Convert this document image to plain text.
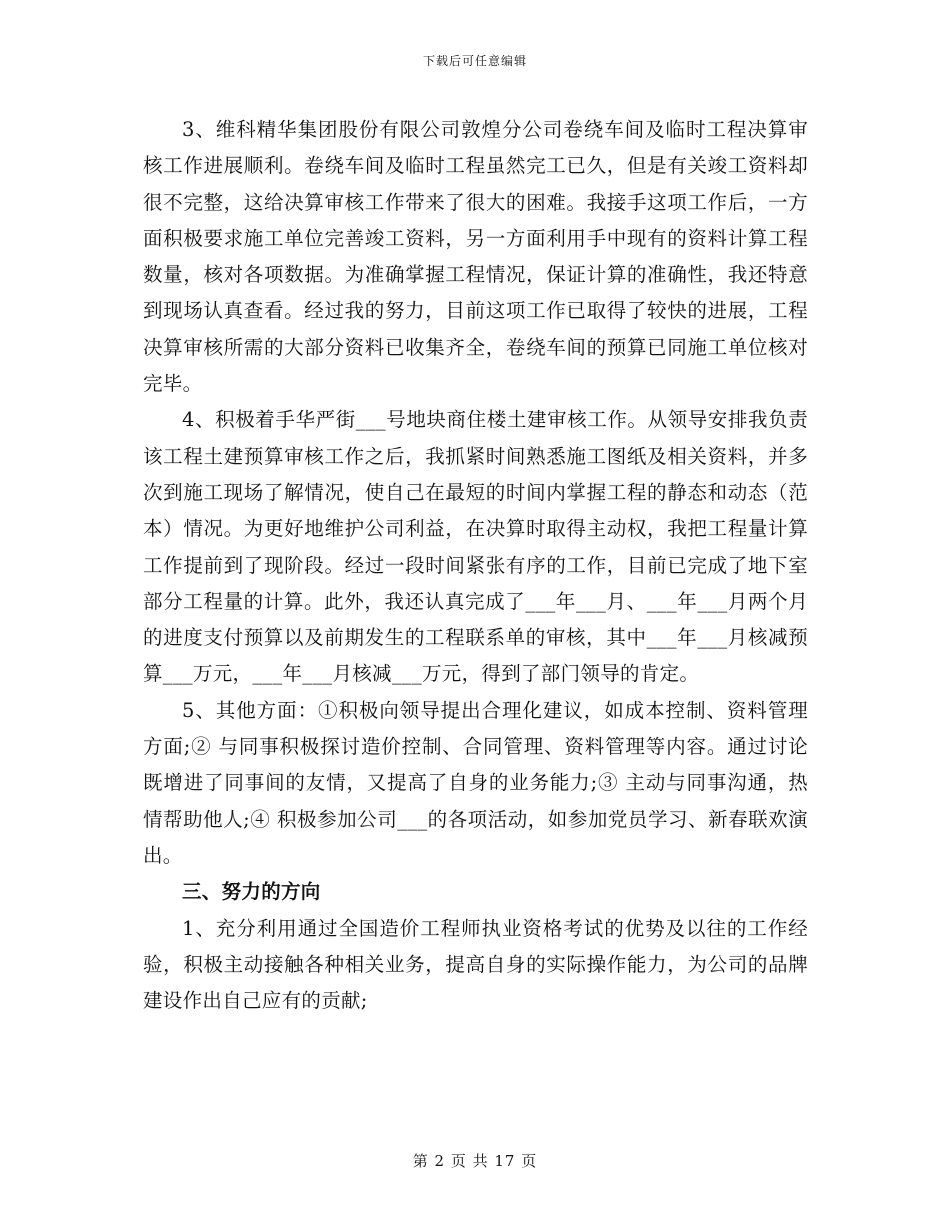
下载后可任意编辑

3、维科精华集团股份有限公司敦煌分公司卷绕车间及临时工程决算审核工作进展顺利。卷绕车间及临时工程虽然完工已久，但是有关竣工资料却很不完整，这给决算审核工作带来了很大的困难。我接手这项工作后，一方面积极要求施工单位完善竣工资料，另一方面利用手中现有的资料计算工程数量，核对各项数据。为准确掌握工程情况，保证计算的准确性，我还特意到现场认真查看。经过我的努力，目前这项工作已取得了较快的进展，工程决算审核所需的大部分资料已收集齐全，卷绕车间的预算已同施工单位核对完毕。

4、积极着手华严街___号地块商住楼土建审核工作。从领导安排我负责该工程土建预算审核工作之后，我抓紧时间熟悉施工图纸及相关资料，并多次到施工现场了解情况，使自己在最短的时间内掌握工程的静态和动态（范本）情况。为更好地维护公司利益，在决算时取得主动权，我把工程量计算工作提前到了现阶段。经过一段时间紧张有序的工作，目前已完成了地下室部分工程量的计算。此外，我还认真完成了___年___月、___年___月两个月的进度支付预算以及前期发生的工程联系单的审核，其中___年___月核减预算___万元，___年___月核减___万元，得到了部门领导的肯定。

5、其他方面：①积极向领导提出合理化建议，如成本控制、资料管理方面;② 与同事积极探讨造价控制、合同管理、资料管理等内容。通过讨论既增进了同事间的友情，又提高了自身的业务能力;③ 主动与同事沟通，热情帮助他人;④ 积极参加公司___的各项活动，如参加党员学习、新春联欢演出。

三、努力的方向

1、充分利用通过全国造价工程师执业资格考试的优势及以往的工作经验，积极主动接触各种相关业务，提高自身的实际操作能力，为公司的品牌建设作出自己应有的贡献;

第 2 页 共 17 页
